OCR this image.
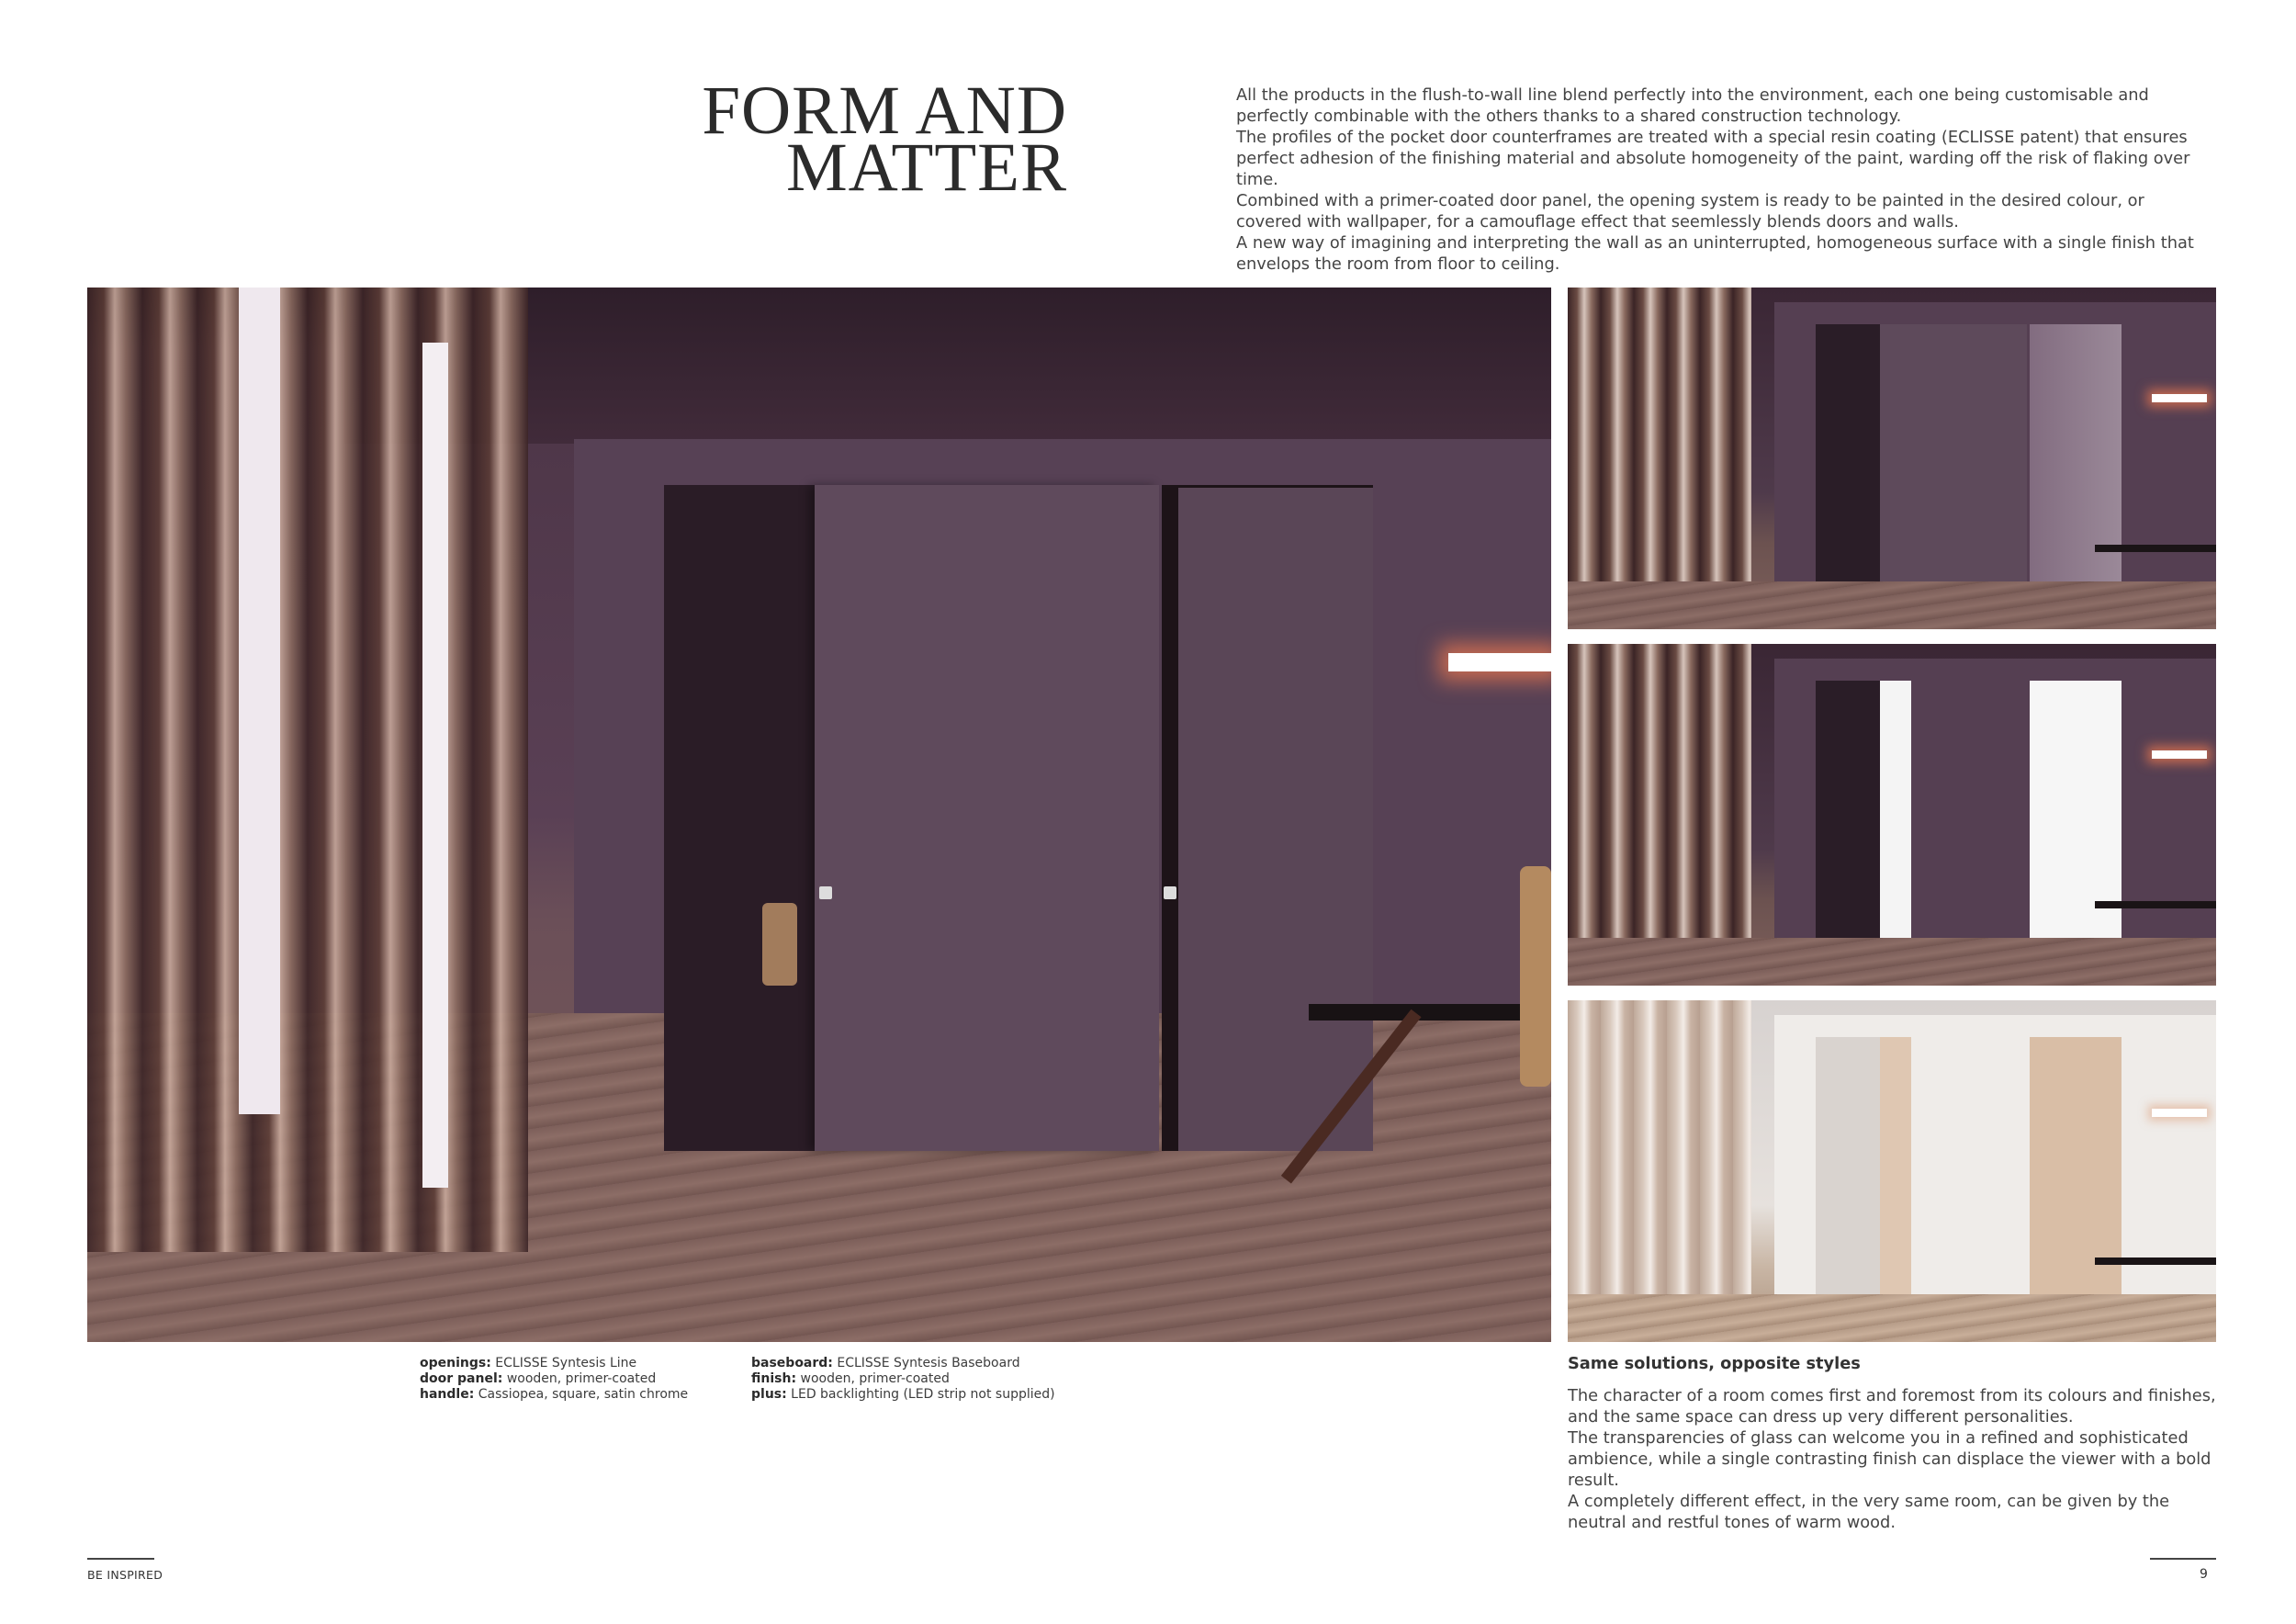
FORM AND
MATTER

All the products in the flush-to-wall line blend perfectly into the environment, each one being customisable and perfectly combinable with the others thanks to a shared construction technology.

The profiles of the pocket door counterframes are treated with a special resin coating (ECLISSE patent) that ensures perfect adhesion of the finishing material and absolute homogeneity of the paint, warding off the risk of flaking over time.

Combined with a primer-coated door panel, the opening system is ready to be painted in the desired colour, or covered with wallpaper, for a camouflage effect that seemlessly blends doors and walls.

A new way of imagining and interpreting the wall as an uninterrupted, homogeneous surface with a single finish that envelops the room from floor to ceiling.

openings: ECLISSE Syntesis Line
door panel: wooden, primer-coated
handle: Cassiopea, square, satin chrome
baseboard: ECLISSE Syntesis Baseboard
finish: wooden, primer-coated
plus: LED backlighting (LED strip not supplied)
Same solutions, opposite styles

The character of a room comes first and foremost from its colours and finishes, and the same space can dress up very different personalities.

The transparencies of glass can welcome you in a refined and sophisticated ambience, while a single contrasting finish can displace the viewer with a bold result.

A completely different effect, in the very same room, can be given by the neutral and restful tones of warm wood.

BE INSPIRED	9
